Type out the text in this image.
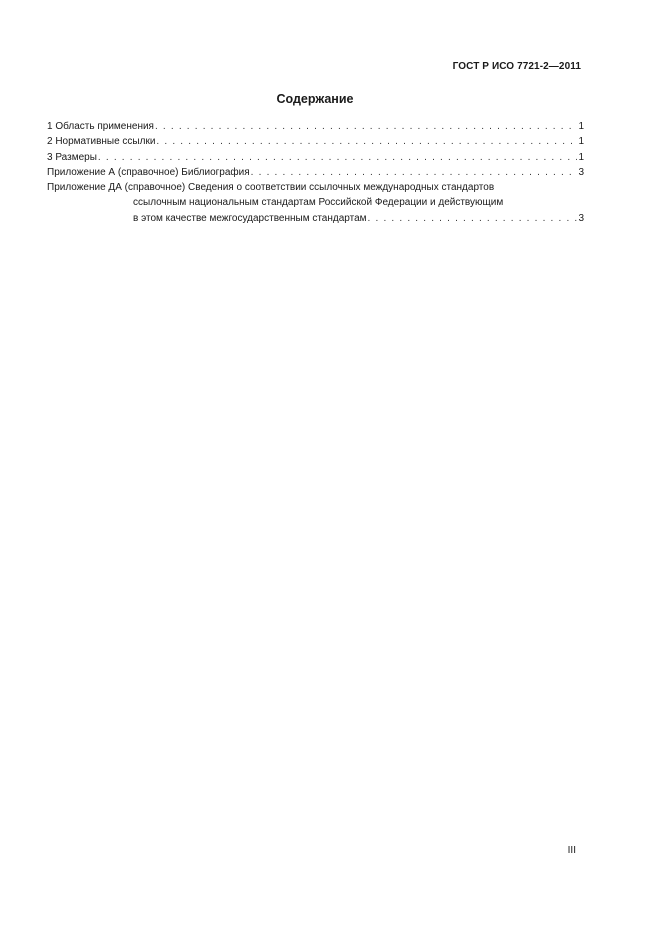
ГОСТ Р ИСО 7721-2—2011
Содержание
1 Область применения . . .	1
2 Нормативные ссылки . . .	1
3 Размеры . . .	1
Приложение А (справочное) Библиография . . .	3
Приложение ДА (справочное) Сведения о соответствии ссылочных международных стандартов
ссылочным национальным стандартам Российской Федерации и действующим
в этом качестве межгосударственным стандартам . . .	3
III
